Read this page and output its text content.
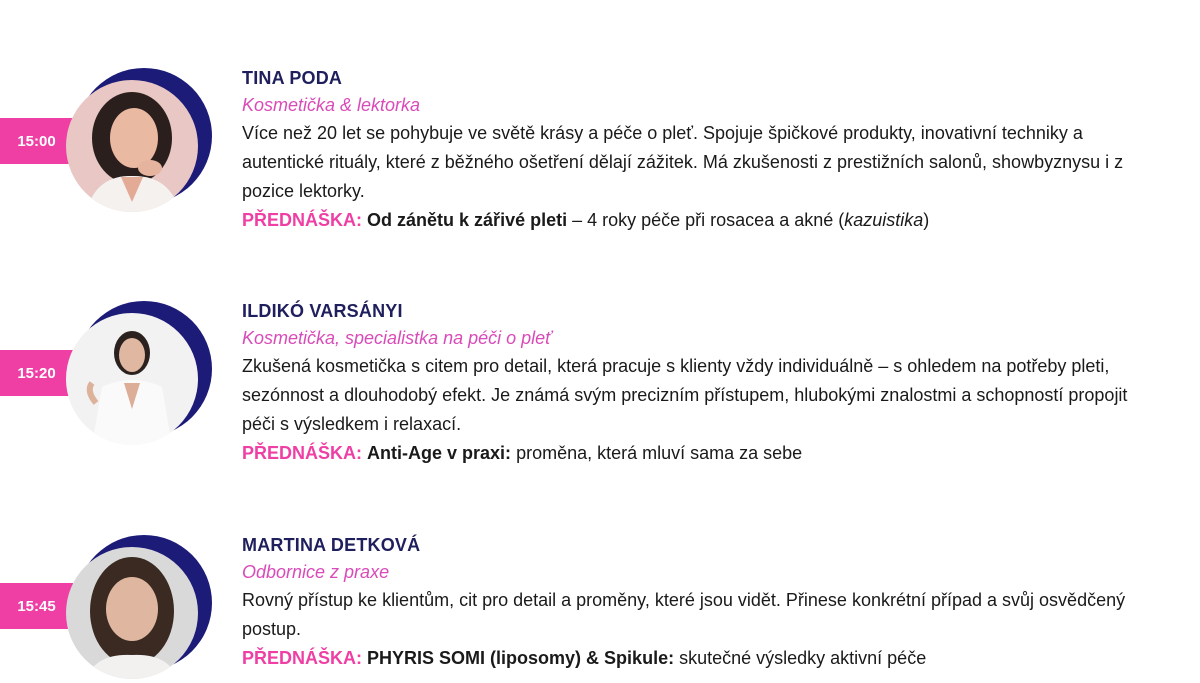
15:00
TINA PODA
Kosmetička & lektorka
Více než 20 let se pohybuje ve světě krásy a péče o pleť. Spojuje špičkové produkty, inovativní techniky a autentické rituály, které z běžného ošetření dělají zážitek. Má zkušenosti z prestižních salonů, showbyznysu i z pozice lektorky.
PŘEDNÁŠKA: Od zánětu k zářivé pleti – 4 roky péče při rosacea a akné (kazuistika)
15:20
ILDIKÓ VARSÁNYI
Kosmetička, specialistka na péči o pleť
Zkušená kosmetička s citem pro detail, která pracuje s klienty vždy individuálně – s ohledem na potřeby pleti, sezónnost a dlouhodobý efekt. Je známá svým precizním přístupem, hlubokými znalostmi a schopností propojit péči s výsledkem i relaxací.
PŘEDNÁŠKA: Anti-Age v praxi: proměna, která mluví sama za sebe
15:45
MARTINA DETKOVÁ
Odbornice z praxe
Rovný přístup ke klientům, cit pro detail a proměny, které jsou vidět. Přinese konkrétní případ a svůj osvědčený postup.
PŘEDNÁŠKA: PHYRIS SOMI (liposomy) & Spikule: skutečné výsledky aktivní péče
